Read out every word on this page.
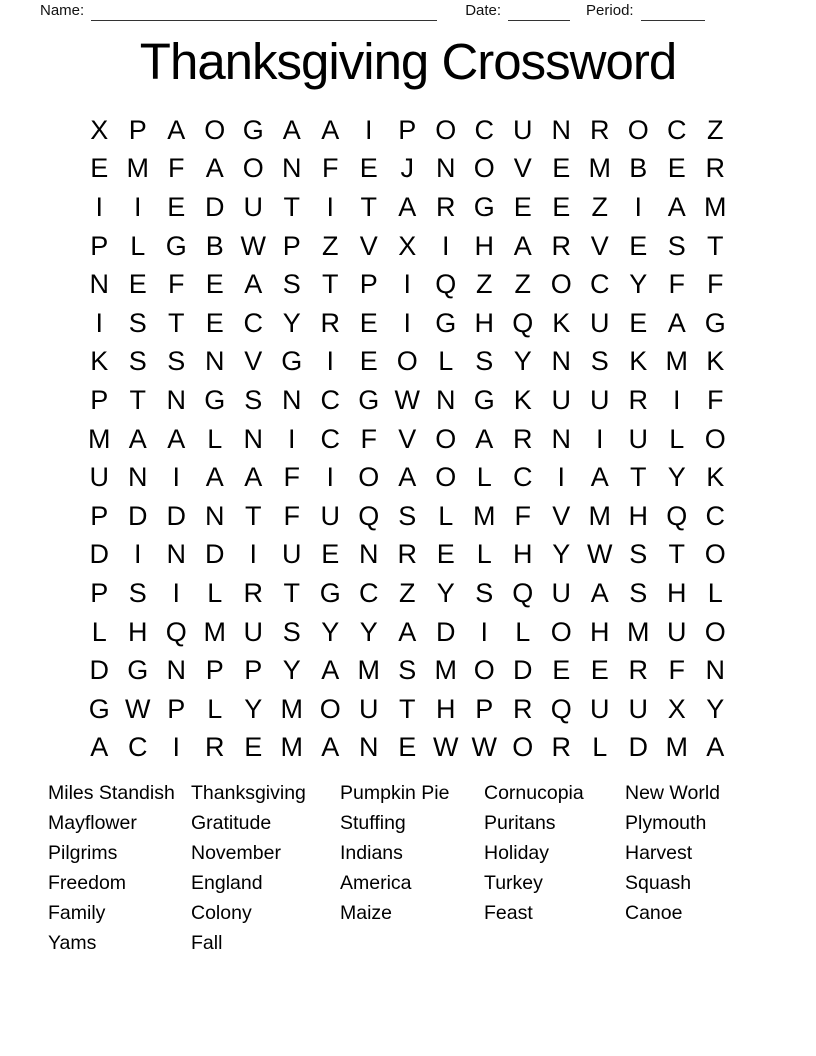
Name:	Date:	Period:
Thanksgiving Crossword
X P A O G A A I P O C U N R O C Z
E M F A O N F E J N O V E M B E R
I	I E D U T I T A R G E E Z I A M
P L G B W P Z V X I H A R V E S T
N E F E A S T P I Q Z Z O C Y F F
I S T E C Y R E I G H Q K U E A G
K S S N V G I E O L S Y N S K M K
P T N G S N C G W N G K U U R I F
M A A L N I C F V O A R N I U L O
U N I A A F I O A O L C I A T Y K
P D D N T F U Q S L M F V M H Q C
D I N D I U E N R E L H Y W S T O
P S I	L R T G C Z Y S Q U A S H L
L H Q M U S Y Y A D I	L O H M U O
D G N P P Y A M S M O D E E R F N
G W P L Y M O U T H P R Q U U X Y
A C I R E M A N E W W O R L D M A
Miles Standish
Mayflower
Pilgrims
Freedom
Family
Yams
Thanksgiving
Gratitude
November
England
Colony
Fall
Pumpkin Pie
Stuffing
Indians
America
Maize
Cornucopia
Puritans
Holiday
Turkey
Feast
New World
Plymouth
Harvest
Squash
Canoe
